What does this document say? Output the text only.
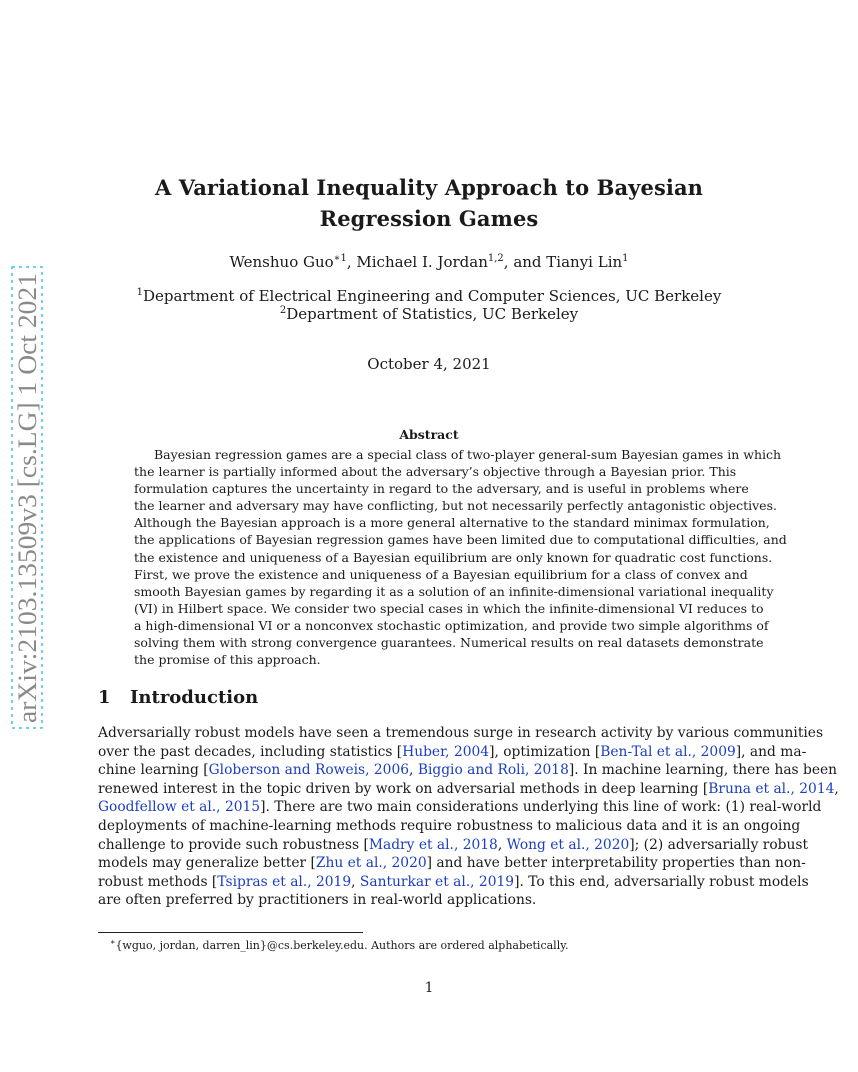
arXiv:2103.13509v3 [cs.LG] 1 Oct 2021
A Variational Inequality Approach to Bayesian
Regression Games
Wenshuo Guo$^{∗1}$, Michael I. Jordan$^{1,2}$, and Tianyi Lin$^1$
$^1$Department of Electrical Engineering and Computer Sciences, UC Berkeley
$^2$Department of Statistics, UC Berkeley
October 4, 2021
Abstract
Bayesian regression games are a special class of two-player general-sum Bayesian games in which
the learner is partially informed about the adversary’s objective through a Bayesian prior. This
formulation captures the uncertainty in regard to the adversary, and is useful in problems where
the learner and adversary may have conflicting, but not necessarily perfectly antagonistic objectives.
Although the Bayesian approach is a more general alternative to the standard minimax formulation,
the applications of Bayesian regression games have been limited due to computational difficulties, and
the existence and uniqueness of a Bayesian equilibrium are only known for quadratic cost functions.
First, we prove the existence and uniqueness of a Bayesian equilibrium for a class of convex and
smooth Bayesian games by regarding it as a solution of an infinite-dimensional variational inequality
(VI) in Hilbert space. We consider two special cases in which the infinite-dimensional VI reduces to
a high-dimensional VI or a nonconvex stochastic optimization, and provide two simple algorithms of
solving them with strong convergence guarantees. Numerical results on real datasets demonstrate
the promise of this approach.
1 Introduction
Adversarially robust models have seen a tremendous surge in research activity by various communities
over the past decades, including statistics [Huber, 2004], optimization [Ben-Tal et al., 2009], and ma-
chine learning [Globerson and Roweis, 2006, Biggio and Roli, 2018]. In machine learning, there has been
renewed interest in the topic driven by work on adversarial methods in deep learning [Bruna et al., 2014,
Goodfellow et al., 2015]. There are two main considerations underlying this line of work: (1) real-world
deployments of machine-learning methods require robustness to malicious data and it is an ongoing
challenge to provide such robustness [Madry et al., 2018, Wong et al., 2020]; (2) adversarially robust
models may generalize better [Zhu et al., 2020] and have better interpretability properties than non-
robust methods [Tsipras et al., 2019, Santurkar et al., 2019]. To this end, adversarially robust models
are often preferred by practitioners in real-world applications.
∗{wguo, jordan, darren_lin}@cs.berkeley.edu. Authors are ordered alphabetically.
1
